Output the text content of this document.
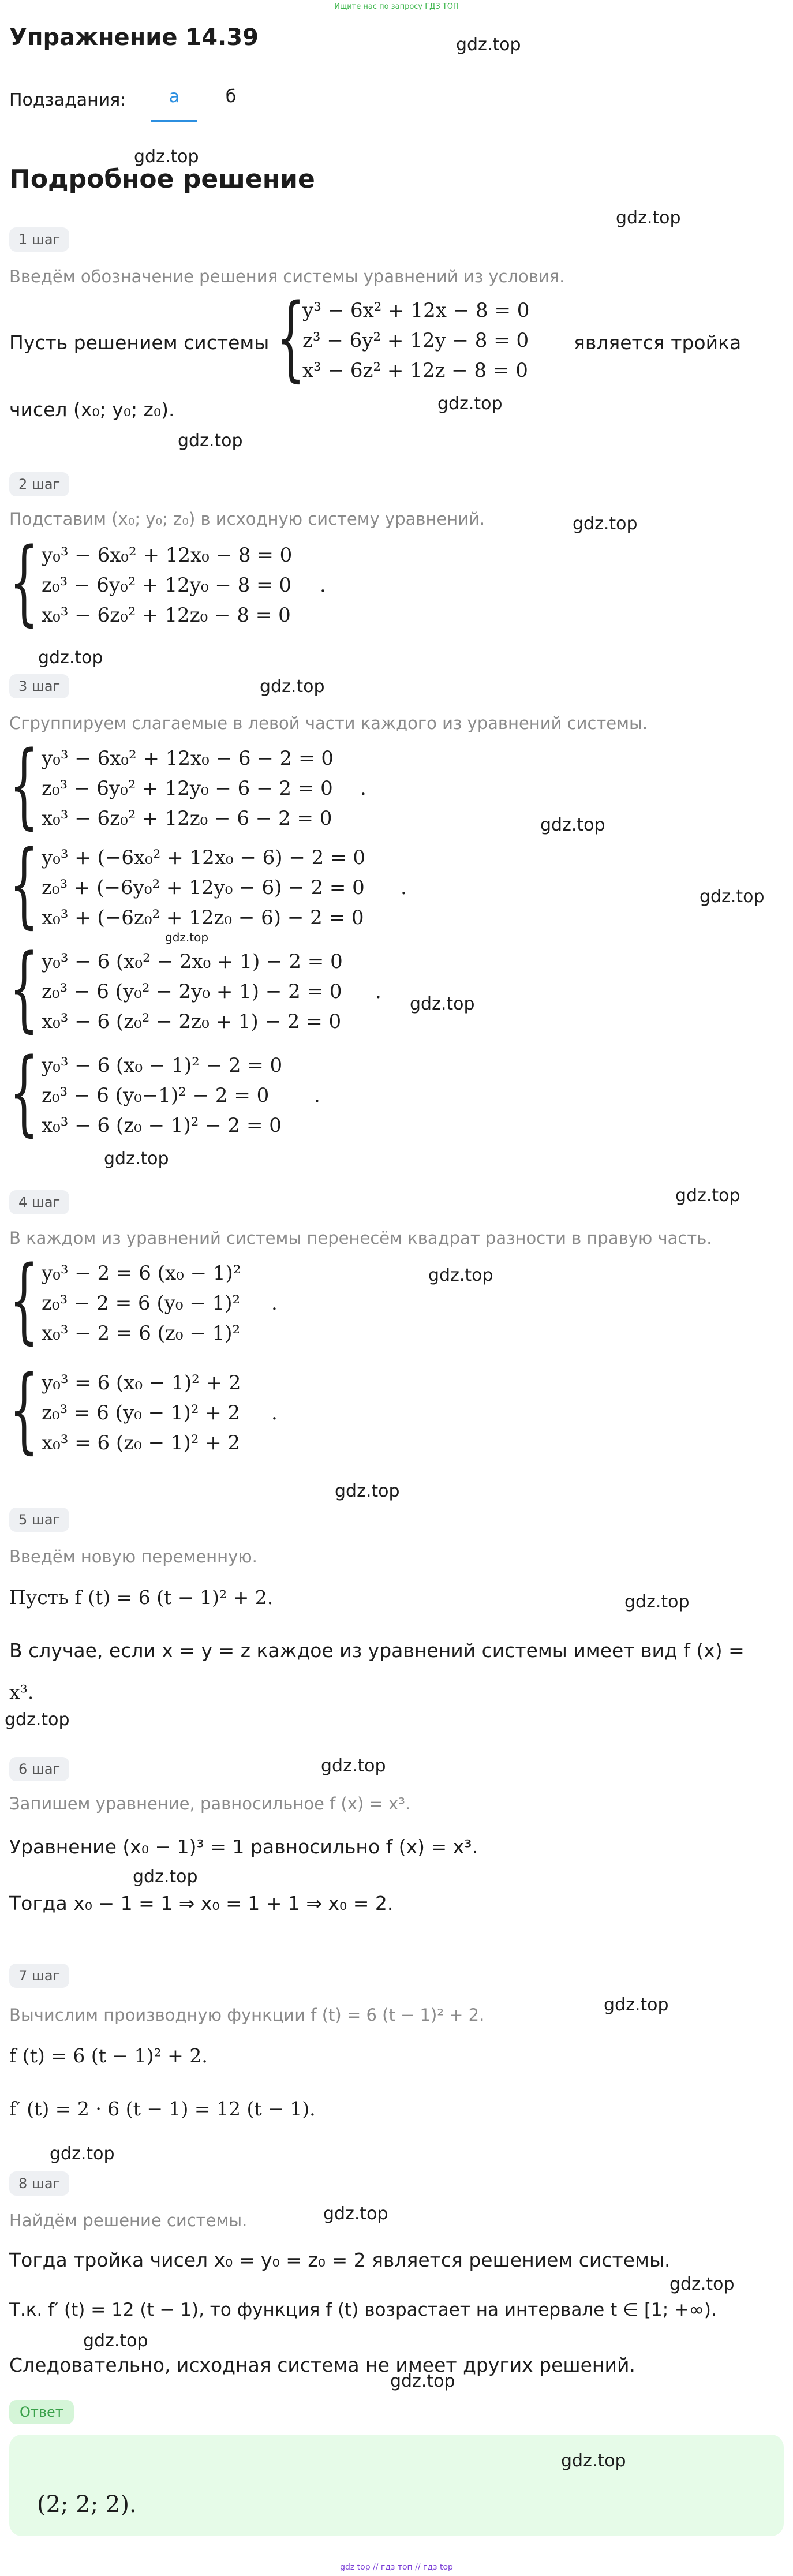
Ищите нас по запросу ГДЗ ТОП
Упражнение 14.39	gdz.top
Подзадания:	а	б
gdz.top
Подробное решение
gdz.top
1 шаг
Введём обозначение решения системы уравнений из условия.
Пусть решением системы {
y³ − 6x² + 12x − 8 = 0
z³ − 6y² + 12y − 8 = 0
x³ − 6z² + 12z − 8 = 0
является тройка
gdz.top
чисел (x₀; y₀; z₀).
gdz.top
2 шаг
Подставим (x₀; y₀; z₀) в исходную систему уравнений.	gdz.top
{ y₀³ − 6x₀² + 12x₀ − 8 = 0
z₀³ − 6y₀² + 12y₀ − 8 = 0
x₀³ − 6z₀² + 12z₀ − 8 = 0
.
gdz.top
3 шаг	gdz.top
Сгруппируем слагаемые в левой части каждого из уравнений системы.
{ y₀³ − 6x₀² + 12x₀ − 6 − 2 = 0
z₀³ − 6y₀² + 12y₀ − 6 − 2 = 0
x₀³ − 6z₀² + 12z₀ − 6 − 2 = 0
.
gdz.top
{ y₀³ + (−6x₀² + 12x₀ − 6) − 2 = 0
z₀³ + (−6y₀² + 12y₀ − 6) − 2 = 0
x₀³ + (−6z₀² + 12z₀ − 6) − 2 = 0
.	gdz.top
gdz.top
{ y₀³ − 6 (x₀² − 2x₀ + 1) − 2 = 0
z₀³ − 6 (y₀² − 2y₀ + 1) − 2 = 0
x₀³ − 6 (z₀² − 2z₀ + 1) − 2 = 0
.
gdz.top
{ y₀³ − 6 (x₀ − 1)² − 2 = 0
z₀³ − 6 (y₀−1)² − 2 = 0
x₀³ − 6 (z₀ − 1)² − 2 = 0
.
gdz.top
4 шаг	gdz.top
В каждом из уравнений системы перенесём квадрат разности в правую часть.
{ y₀³ − 2 = 6 (x₀ − 1)²
z₀³ − 2 = 6 (y₀ − 1)²
x₀³ − 2 = 6 (z₀ − 1)²
.
gdz.top
{ y₀³ = 6 (x₀ − 1)² + 2
z₀³ = 6 (y₀ − 1)² + 2
x₀³ = 6 (z₀ − 1)² + 2
.
gdz.top
5 шаг
Введём новую переменную.
Пусть f (t) = 6 (t − 1)² + 2.	gdz.top
В случае, если x = y = z каждое из уравнений системы имеет вид f (x) =
x³.
gdz.top
6 шаг	gdz.top
Запишем уравнение, равносильное f (x) = x³.
Уравнение (x₀ − 1)³ = 1 равносильно f (x) = x³.
gdz.top
Тогда x₀ − 1 = 1 ⇒ x₀ = 1 + 1 ⇒ x₀ = 2.
7 шаг
gdz.top
Вычислим производную функции f (t) = 6 (t − 1)² + 2.
f (t) = 6 (t − 1)² + 2.
f′ (t) = 2 · 6 (t − 1) = 12 (t − 1).
gdz.top
8 шаг
gdz.top
Найдём решение системы.
Тогда тройка чисел x₀ = y₀ = z₀ = 2 является решением системы.
gdz.top
Т.к. f′ (t) = 12 (t − 1), то функция f (t) возрастает на интервале t ∈ [1; +∞).
gdz.top
Следовательно, исходная система не имеет других решений.
gdz.top
Ответ
gdz.top
(2; 2; 2).
gdz top // гдз топ // гдз top
